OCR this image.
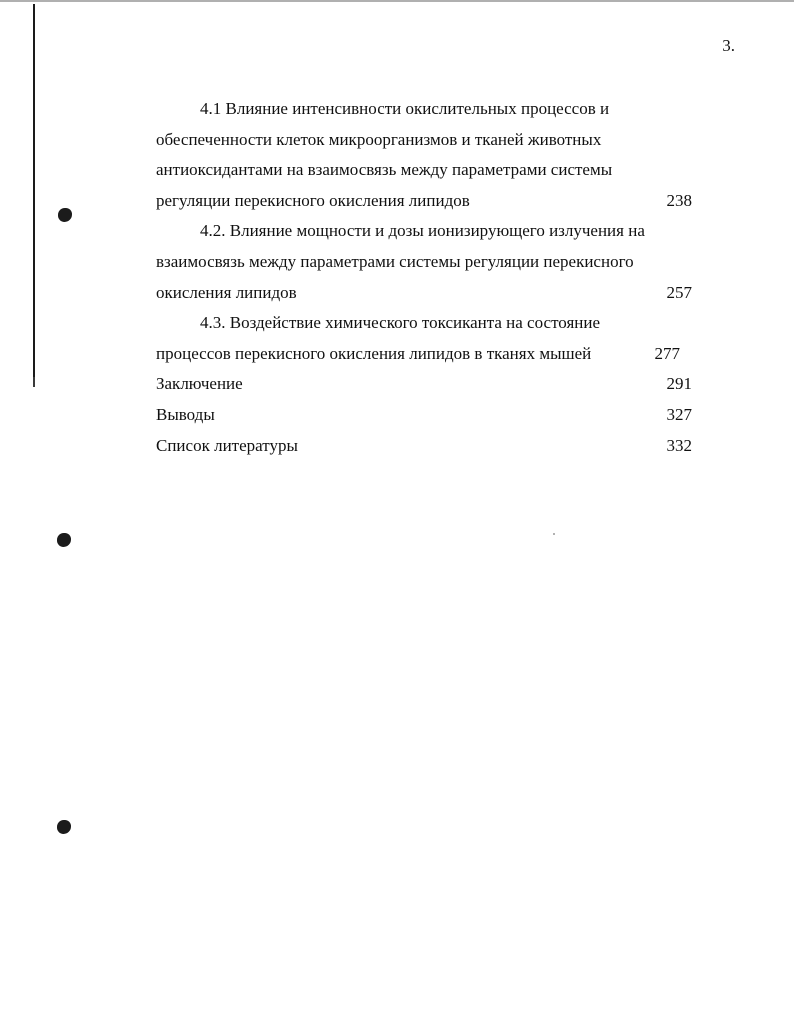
3.
4.1 Влияние интенсивности окислительных процессов и
обеспеченности клеток микроорганизмов и тканей животных
антиоксидантами на взаимосвязь между параметрами системы
регуляции перекисного окисления липидов	238
4.2. Влияние мощности и дозы ионизирующего излучения на
взаимосвязь между параметрами системы регуляции перекисного
окисления липидов	257
4.3. Воздействие химического токсиканта на состояние
процессов перекисного окисления липидов в тканях мышей	277
Заключение	291
Выводы	327
Список литературы	332
